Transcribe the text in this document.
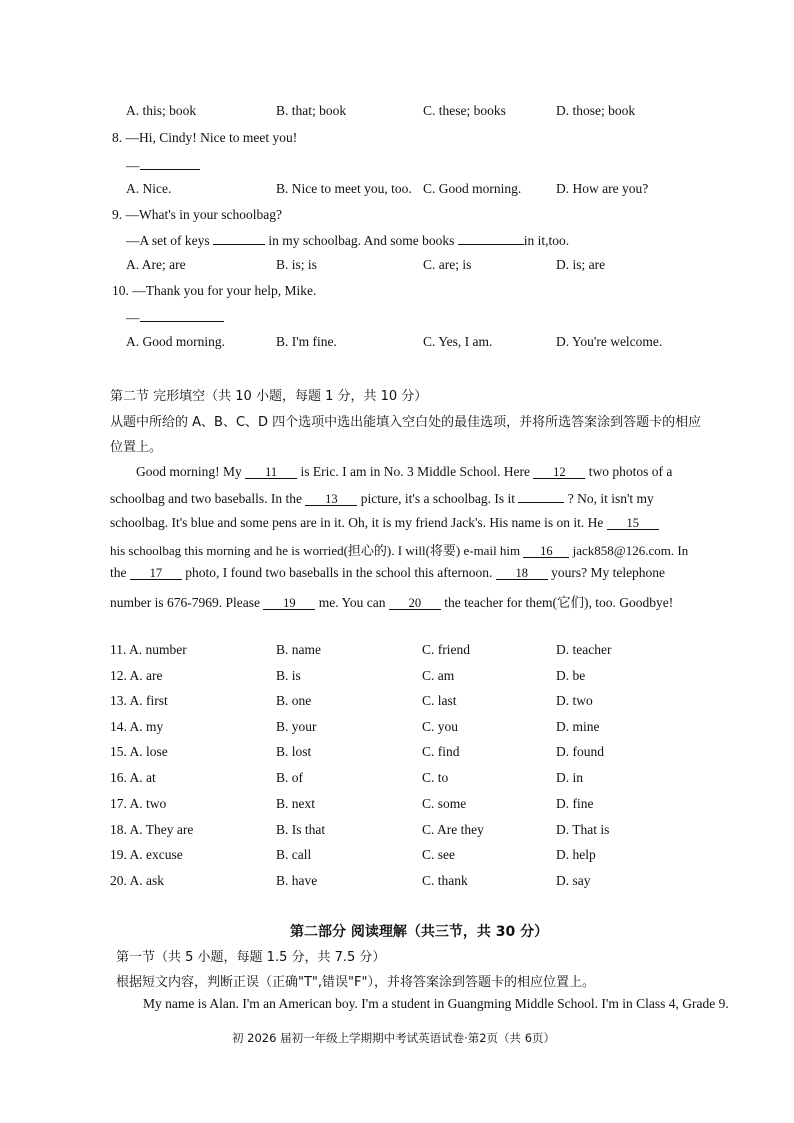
A. this; book	B. that; book	C. these; books	D. those; book
8. —Hi, Cindy! Nice to meet you!
—
A. Nice.	B. Nice to meet you, too. C. Good morning.	D. How are you?
9. —What's in your schoolbag?
—A set of keys	in my schoolbag. And some books	in it,too.
A. Are; are	B. is; is	C. are; is	D. is; are
10. —Thank you for your help, Mike.
—
A. Good morning.	B. I'm fine.	C. Yes, I am.	D. You're welcome.
第二节 完形填空（共 10 小题，每题 1 分，共 10 分）
从题中所给的 A、B、C、D 四个选项中选出能填入空白处的最佳选项，并将所选答案涂到答题卡的相应
位置上。
Good morning! My 11 is Eric. I am in No. 3 Middle School. Here 12 two photos of a
schoolbag and two baseballs. In the 13 picture, it's a schoolbag. Is it	? No, it isn't my
schoolbag. It's blue and some pens are in it. Oh, it is my friend Jack's. His name is on it. He 15
his schoolbag this morning and he is worried(担心的). I will(将要) e-mail him 16 jack858@126.com. In
the 17 photo, I found two baseballs in the school this afternoon. 18 yours? My telephone
number is 676-7969. Please 19 me. You can 20 the teacher for them(它们), too. Goodbye!
11. A. number	B. name	C. friend	D. teacher
12. A. are	B. is	C. am	D. be
13. A. first	B. one	C. last	D. two
14. A. my	B. your	C. you	D. mine
15. A. lose	B. lost	C. find	D. found
16. A. at	B. of	C. to	D. in
17. A. two	B. next	C. some	D. fine
18. A. They are	B. Is that	C. Are they	D. That is
19. A. excuse	B. call	C. see	D. help
20. A. ask	B. have	C. thank	D. say
第二部分 阅读理解（共三节，共 30 分）
第一节（共 5 小题，每题 1.5 分，共 7.5 分）
根据短文内容，判断正误（正确"T",错误"F"），并将答案涂到答题卡的相应位置上。
My name is Alan. I'm an American boy. I'm a student in Guangming Middle School. I'm in Class 4, Grade 9.
初 2026 届初一年级上学期期中考试英语试卷·第2页（共 6页）
